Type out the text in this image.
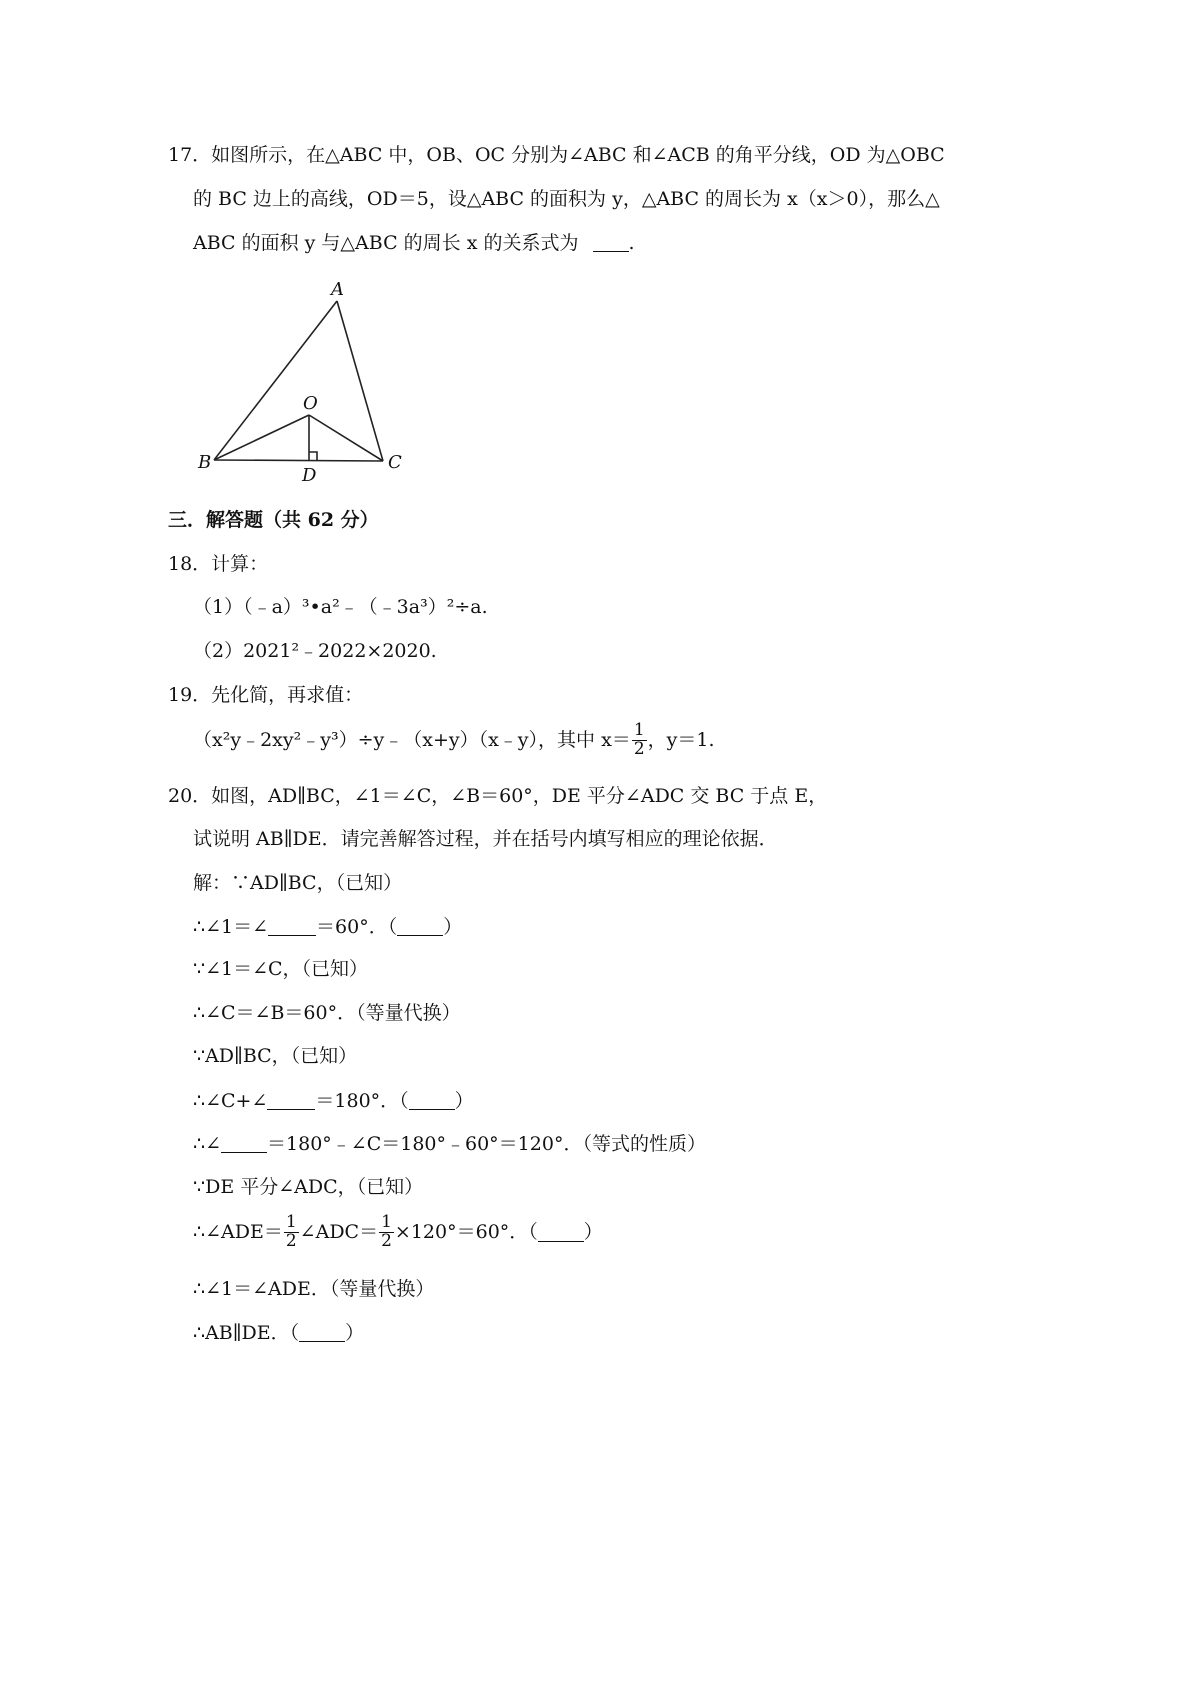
17．如图所示，在△ABC 中，OB、OC 分别为∠ABC 和∠ACB 的角平分线，OD 为△OBC
的 BC 边上的高线，OD＝5，设△ABC 的面积为 y，△ABC 的周长为 x（x＞0），那么△
ABC 的面积 y 与△ABC 的周长 x 的关系式为	.
A
O
B
D
C
三．解答题（共 62 分）
18．计算：
（1）（﹣a）³•a²﹣（﹣3a³）²÷a.
（2）2021²﹣2022×2020.
19．先化简，再求值：
（x²y﹣2xy²﹣y³）÷y﹣（x+y）（x﹣y），其中 $x= \frac{1}{2}$ ，y＝1.
20．如图，AD∥BC，∠1＝∠C，∠B＝60°，DE 平分∠ADC 交 BC 于点 E，
试说明 AB∥DE．请完善解答过程，并在括号内填写相应的理论依据．
解：∵AD∥BC，（已知）
∴∠1＝∠	＝60°．（ ）
∵∠1＝∠C，（已知）
∴∠C＝∠B＝60°．（等量代换）
∵AD∥BC，（已知）
∴∠C+∠	＝180°．（ ）
∴∠ ＝180°﹣∠C＝180°﹣60°＝120°．（等式的性质）
∵DE 平分∠ADC，（已知）
∴∠ADE＝ $\frac{1}{2}$ ∠ADC＝ $\frac{1}{2} \times 120^\circ=60^\circ$．（ ）
∴∠1＝∠ADE．（等量代换）
∴AB∥DE．（ ）
